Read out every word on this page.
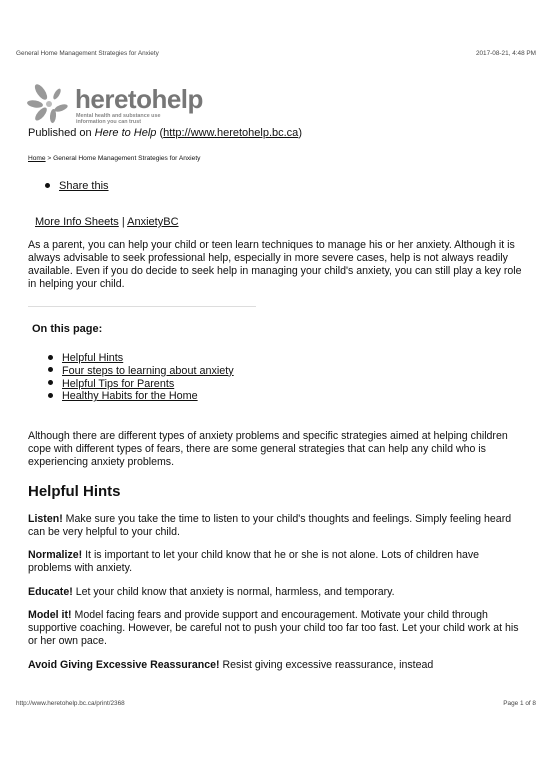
General Home Management Strategies for Anxiety	2017-08-21, 4:48 PM
heretohelp
Mental health and substance use
information you can trust
Published on Here to Help (http://www.heretohelp.bc.ca)
Home > General Home Management Strategies for Anxiety
Share this
More Info Sheets | AnxietyBC
As a parent, you can help your child or teen learn techniques to manage his or her anxiety. Although it is always advisable to seek professional help, especially in more severe cases, help is not always readily available. Even if you do decide to seek help in managing your child's anxiety, you can still play a key role in helping your child.
On this page:
Helpful Hints
Four steps to learning about anxiety
Helpful Tips for Parents
Healthy Habits for the Home
Although there are different types of anxiety problems and specific strategies aimed at helping children cope with different types of fears, there are some general strategies that can help any child who is experiencing anxiety problems.
Helpful Hints
Listen! Make sure you take the time to listen to your child's thoughts and feelings. Simply feeling heard can be very helpful to your child.
Normalize! It is important to let your child know that he or she is not alone. Lots of children have problems with anxiety.
Educate! Let your child know that anxiety is normal, harmless, and temporary.
Model it! Model facing fears and provide support and encouragement. Motivate your child through supportive coaching. However, be careful not to push your child too far too fast. Let your child work at his or her own pace.
Avoid Giving Excessive Reassurance! Resist giving excessive reassurance, instead
http://www.heretohelp.bc.ca/print/2368	Page 1 of 8
